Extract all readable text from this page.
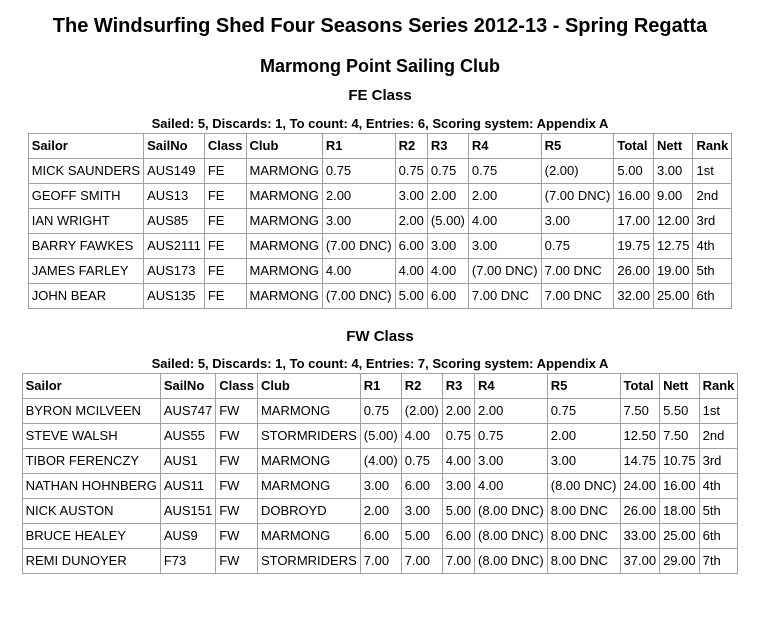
The Windsurfing Shed Four Seasons Series 2012-13 - Spring Regatta
Marmong Point Sailing Club
FE Class
Sailed: 5, Discards: 1, To count: 4, Entries: 6, Scoring system: Appendix A
Sailor	SailNo	Class	Club	R1	R2	R3	R4	R5	Total	Nett	Rank
MICK SAUNDERS	AUS149	FE	MARMONG	0.75	0.75	0.75	0.75	(2.00)	5.00	3.00	1st
GEOFF SMITH	AUS13	FE	MARMONG	2.00	3.00	2.00	2.00	(7.00 DNC)	16.00	9.00	2nd
IAN WRIGHT	AUS85	FE	MARMONG	3.00	2.00	(5.00)	4.00	3.00	17.00	12.00	3rd
BARRY FAWKES	AUS2111	FE	MARMONG	(7.00 DNC)	6.00	3.00	3.00	0.75	19.75	12.75	4th
JAMES FARLEY	AUS173	FE	MARMONG	4.00	4.00	4.00	(7.00 DNC)	7.00 DNC	26.00	19.00	5th
JOHN BEAR	AUS135	FE	MARMONG	(7.00 DNC)	5.00	6.00	7.00 DNC	7.00 DNC	32.00	25.00	6th
FW Class
Sailed: 5, Discards: 1, To count: 4, Entries: 7, Scoring system: Appendix A
Sailor	SailNo	Class	Club	R1	R2	R3	R4	R5	Total	Nett	Rank
BYRON MCILVEEN	AUS747	FW	MARMONG	0.75	(2.00)	2.00	2.00	0.75	7.50	5.50	1st
STEVE WALSH	AUS55	FW	STORMRIDERS	(5.00)	4.00	0.75	0.75	2.00	12.50	7.50	2nd
TIBOR FERENCZY	AUS1	FW	MARMONG	(4.00)	0.75	4.00	3.00	3.00	14.75	10.75	3rd
NATHAN HOHNBERG	AUS11	FW	MARMONG	3.00	6.00	3.00	4.00	(8.00 DNC)	24.00	16.00	4th
NICK AUSTON	AUS151	FW	DOBROYD	2.00	3.00	5.00	(8.00 DNC)	8.00 DNC	26.00	18.00	5th
BRUCE HEALEY	AUS9	FW	MARMONG	6.00	5.00	6.00	(8.00 DNC)	8.00 DNC	33.00	25.00	6th
REMI DUNOYER	F73	FW	STORMRIDERS	7.00	7.00	7.00	(8.00 DNC)	8.00 DNC	37.00	29.00	7th
